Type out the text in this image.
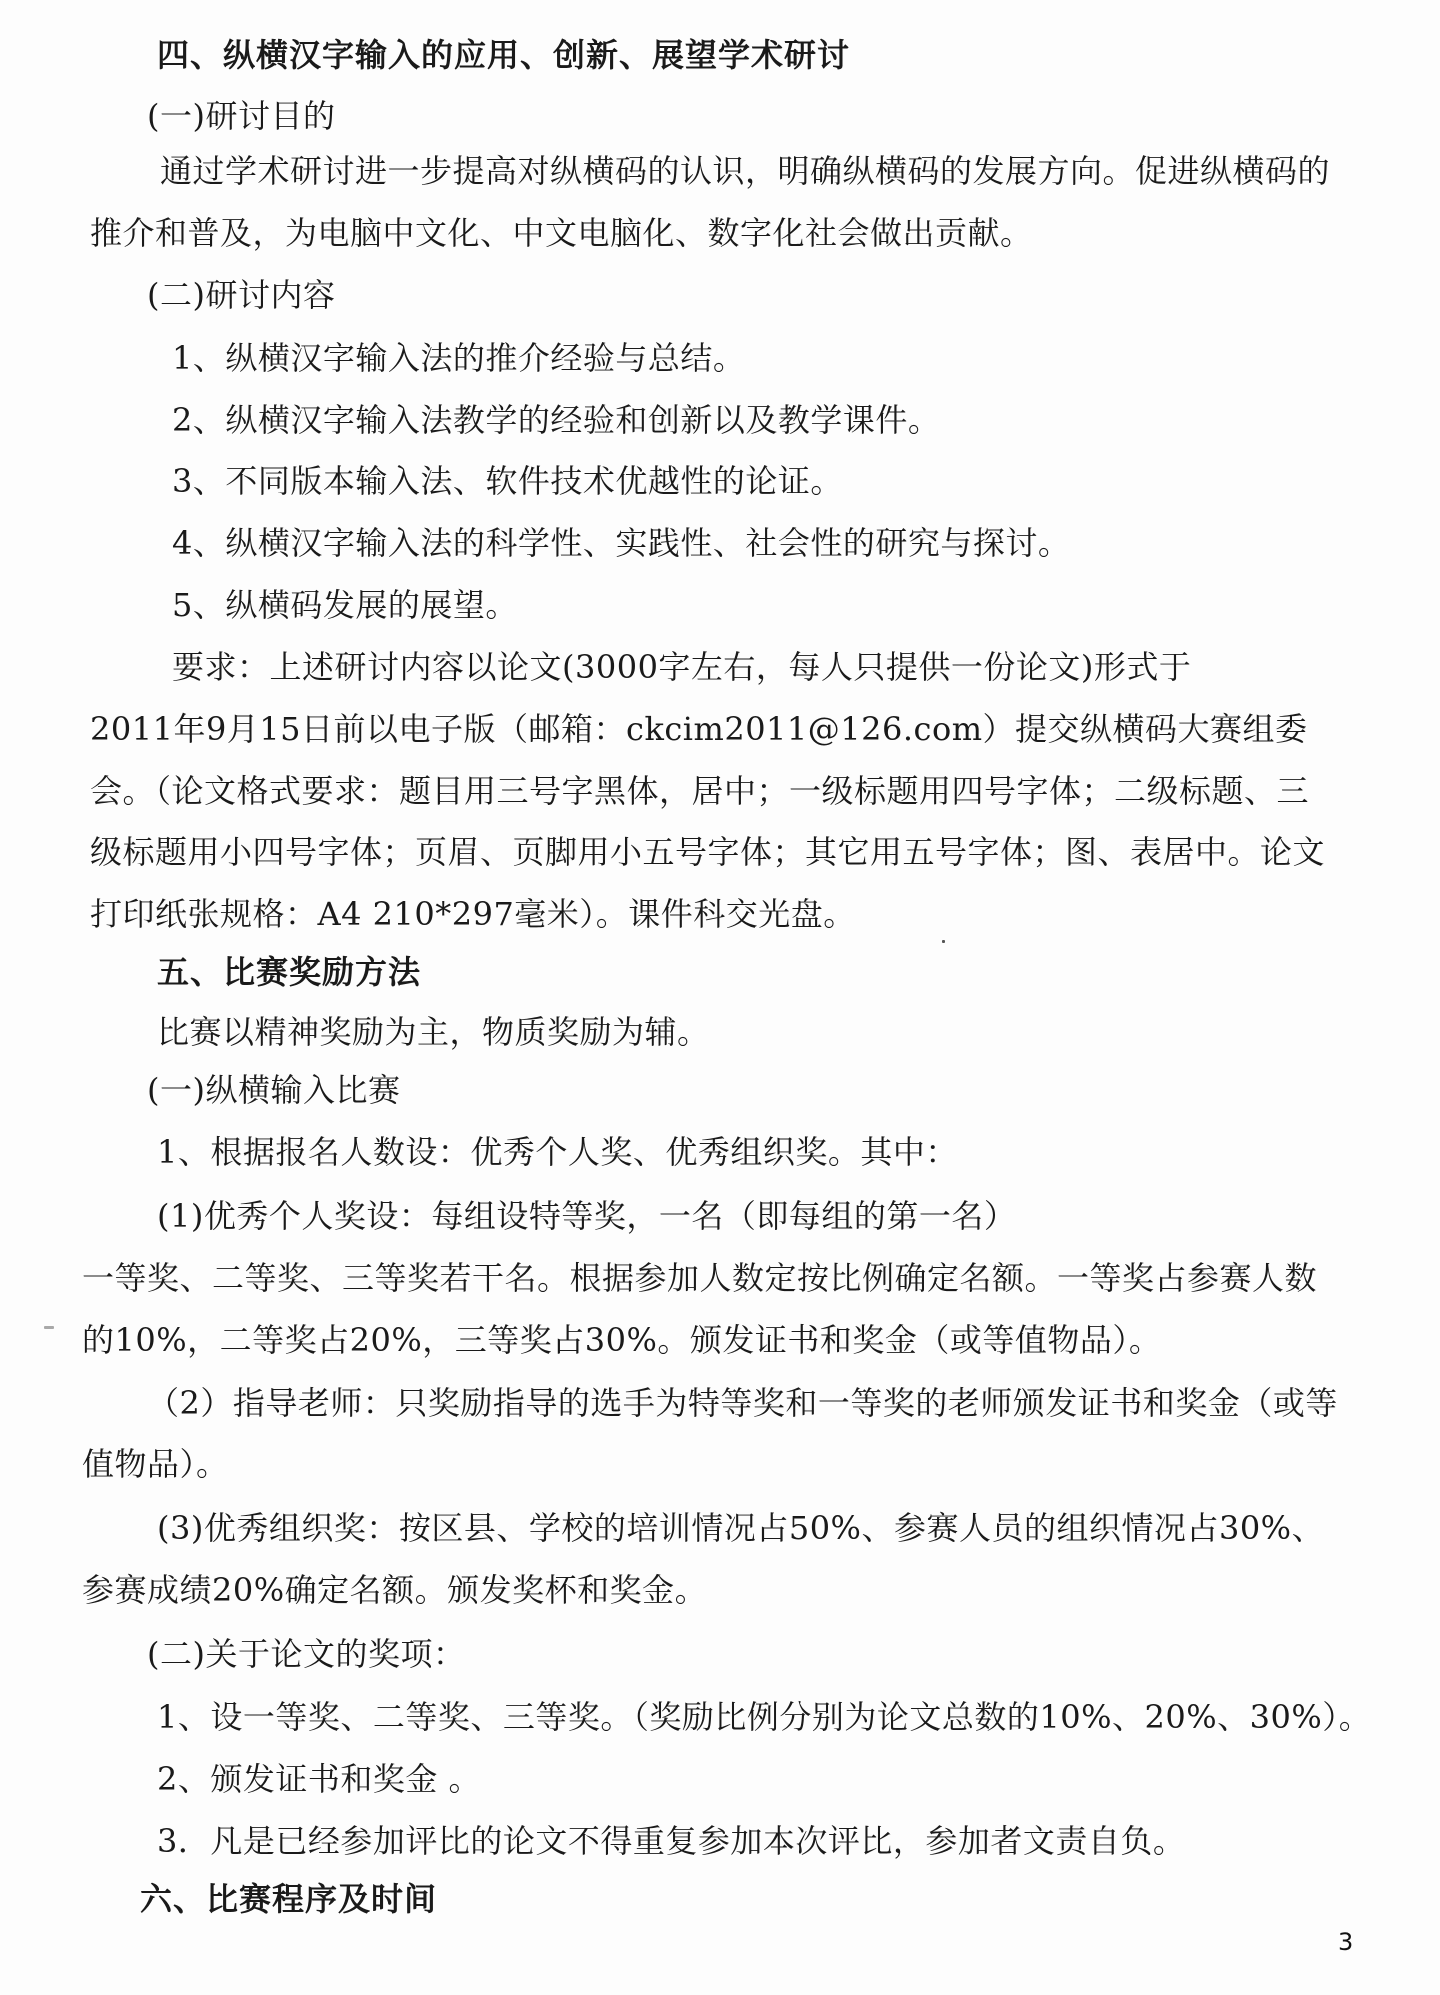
四、纵横汉字输入的应用、创新、展望学术研讨
(一)研讨目的
通过学术研讨进一步提高对纵横码的认识，明确纵横码的发展方向。促进纵横码的
推介和普及，为电脑中文化、中文电脑化、数字化社会做出贡献。
(二)研讨内容
1、纵横汉字输入法的推介经验与总结。
2、纵横汉字输入法教学的经验和创新以及教学课件。
3、不同版本输入法、软件技术优越性的论证。
4、纵横汉字输入法的科学性、实践性、社会性的研究与探讨。
5、纵横码发展的展望。
要求：上述研讨内容以论文(3000字左右，每人只提供一份论文)形式于
2011年9月15日前以电子版（邮箱：ckcim2011@126.com）提交纵横码大赛组委
会。（论文格式要求：题目用三号字黑体，居中；一级标题用四号字体；二级标题、三
级标题用小四号字体；页眉、页脚用小五号字体；其它用五号字体；图、表居中。论文
打印纸张规格：A4 210*297毫米）。课件科交光盘。
五、比赛奖励方法
比赛以精神奖励为主，物质奖励为辅。
(一)纵横输入比赛
1、根据报名人数设：优秀个人奖、优秀组织奖。其中：
(1)优秀个人奖设：每组设特等奖，一名（即每组的第一名）
一等奖、二等奖、三等奖若干名。根据参加人数定按比例确定名额。一等奖占参赛人数
的10%，二等奖占20%，三等奖占30%。颁发证书和奖金（或等值物品）。
（2）指导老师：只奖励指导的选手为特等奖和一等奖的老师颁发证书和奖金（或等
值物品）。
(3)优秀组织奖：按区县、学校的培训情况占50%、参赛人员的组织情况占30%、
参赛成绩20%确定名额。颁发奖杯和奖金。
(二)关于论文的奖项：
1、设一等奖、二等奖、三等奖。（奖励比例分别为论文总数的10%、20%、30%）。
2、颁发证书和奖金 。
3．凡是已经参加评比的论文不得重复参加本次评比，参加者文责自负。
六、比赛程序及时间
3
